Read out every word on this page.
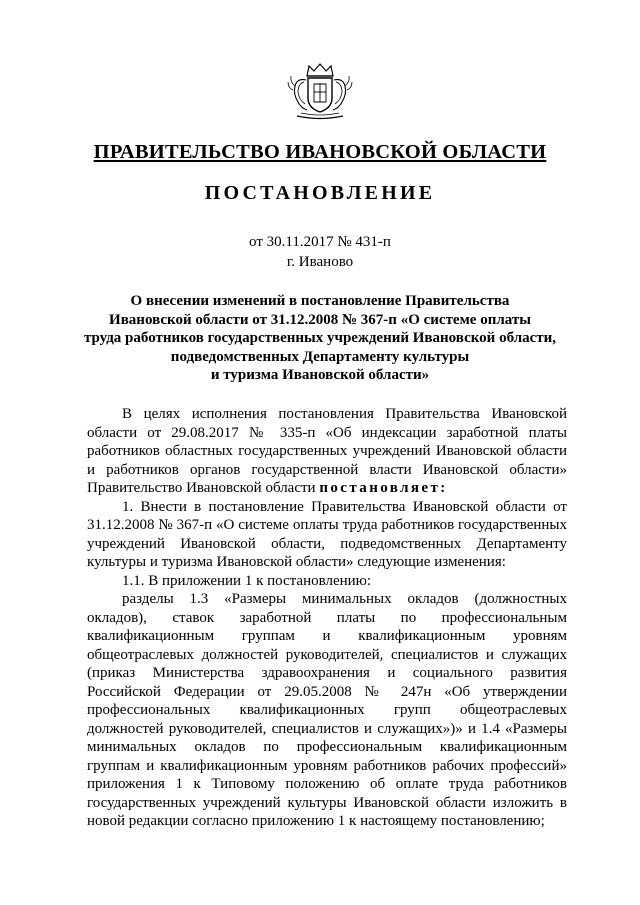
ПРАВИТЕЛЬСТВО ИВАНОВСКОЙ ОБЛАСТИ
ПОСТАНОВЛЕНИЕ
от 30.11.2017 № 431-п
г. Иваново
О внесении изменений в постановление Правительства
Ивановской области от 31.12.2008 № 367-п «О системе оплаты
труда работников государственных учреждений Ивановской области,
подведомственных Департаменту культуры
и туризма Ивановской области»

В целях исполнения постановления Правительства Ивановской области от 29.08.2017 № 335-п «Об индексации заработной платы работников областных государственных учреждений Ивановской области и работников органов государственной власти Ивановской области» Правительство Ивановской области постановляет:

1. Внести в постановление Правительства Ивановской области от 31.12.2008 № 367-п «О системе оплаты труда работников государственных учреждений Ивановской области, подведомственных Департаменту культуры и туризма Ивановской области» следующие изменения:

1.1. В приложении 1 к постановлению:

разделы 1.3 «Размеры минимальных окладов (должностных окладов), ставок заработной платы по профессиональным квалификационным группам и квалификационным уровням общеотраслевых должностей руководителей, специалистов и служащих (приказ Министерства здравоохранения и социального развития Российской Федерации от 29.05.2008 № 247н «Об утверждении профессиональных квалификационных групп общеотраслевых должностей руководителей, специалистов и служащих»)» и 1.4 «Размеры минимальных окладов по профессиональным квалификационным группам и квалификационным уровням работников рабочих профессий» приложения 1 к Типовому положению об оплате труда работников государственных учреждений культуры Ивановской области изложить в новой редакции согласно приложению 1 к настоящему постановлению;
